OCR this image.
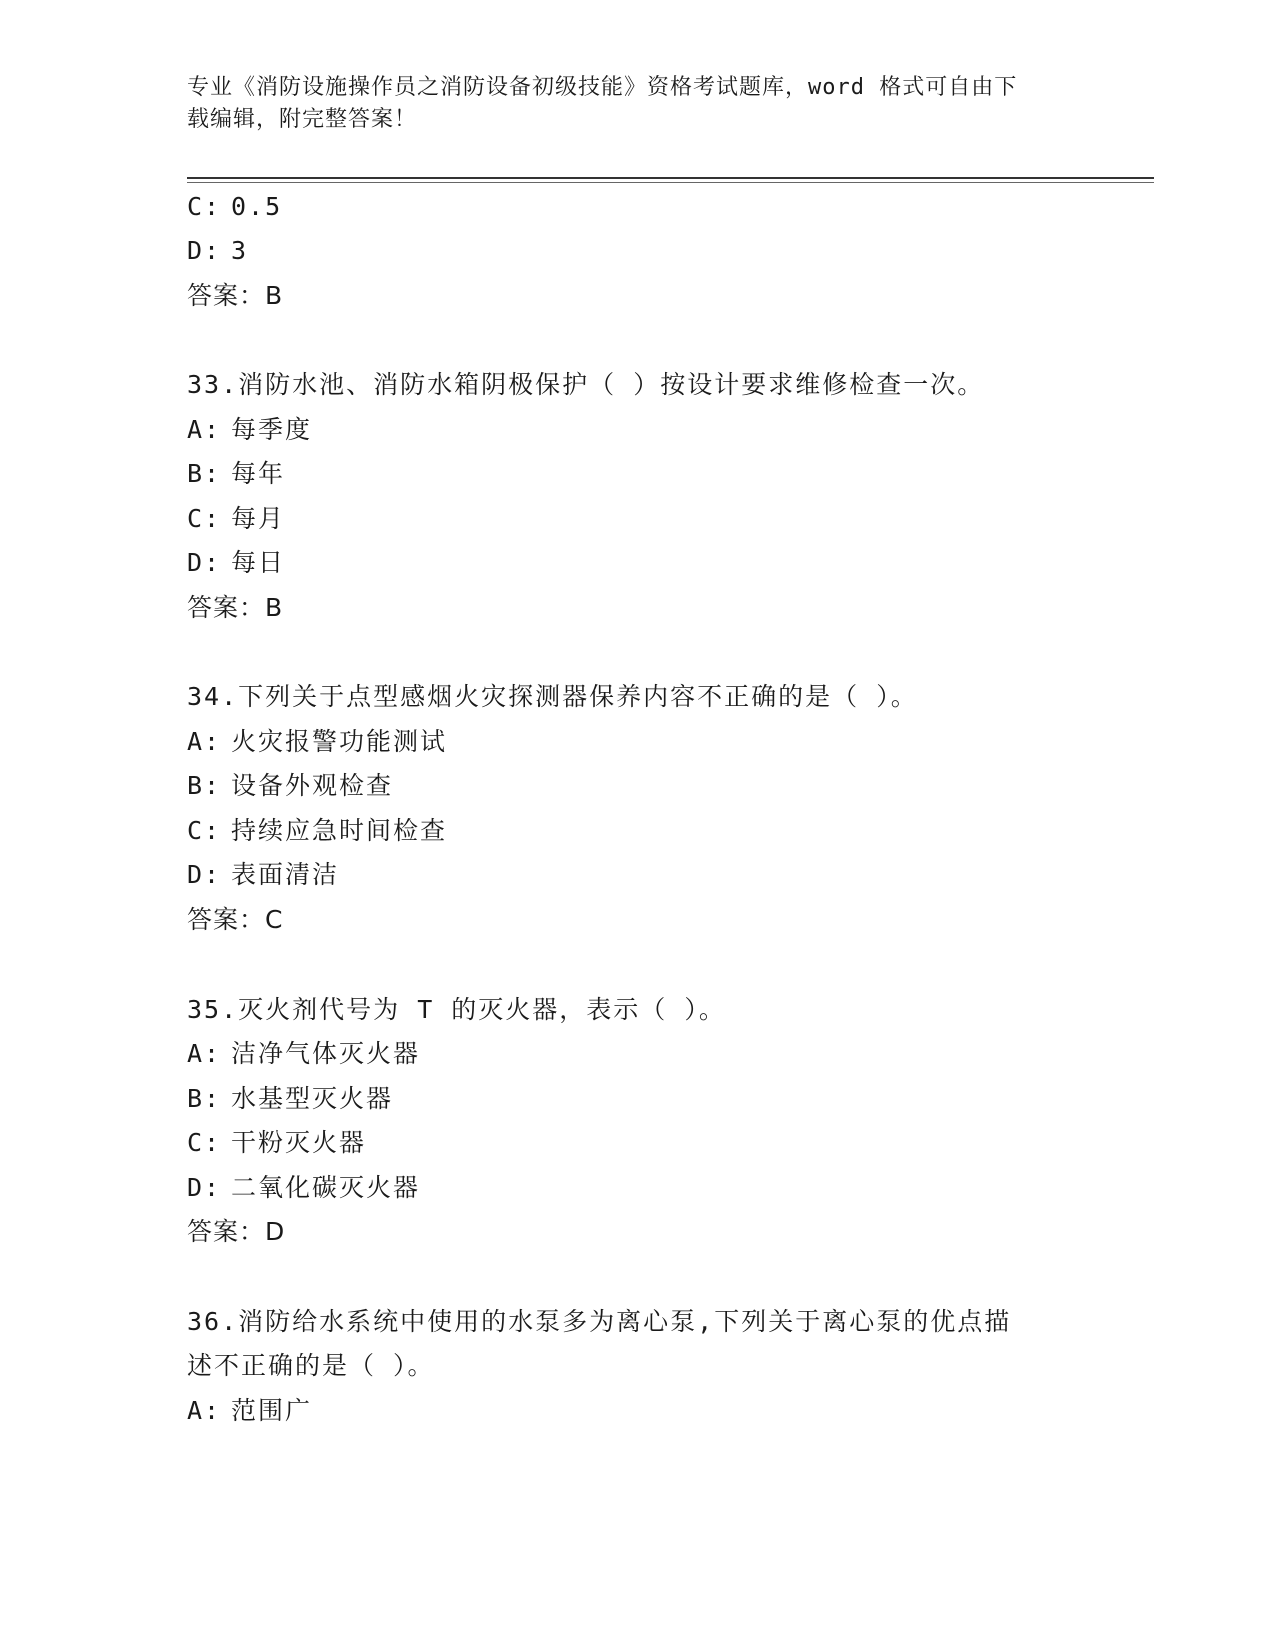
专业《消防设施操作员之消防设备初级技能》资格考试题库，word 格式可自由下
载编辑，附完整答案！
C: 0.5
D: 3
答案：B
33.消防水池、消防水箱阴极保护（ ）按设计要求维修检查一次。
A: 每季度
B: 每年
C: 每月
D: 每日
答案：B
34.下列关于点型感烟火灾探测器保养内容不正确的是（ ）。
A: 火灾报警功能测试
B: 设备外观检查
C: 持续应急时间检查
D: 表面清洁
答案：C
35.灭火剂代号为 T 的灭火器，表示（ ）。
A: 洁净气体灭火器
B: 水基型灭火器
C: 干粉灭火器
D: 二氧化碳灭火器
答案：D
36.消防给水系统中使用的水泵多为离心泵,下列关于离心泵的优点描
述不正确的是（ ）。
A: 范围广
